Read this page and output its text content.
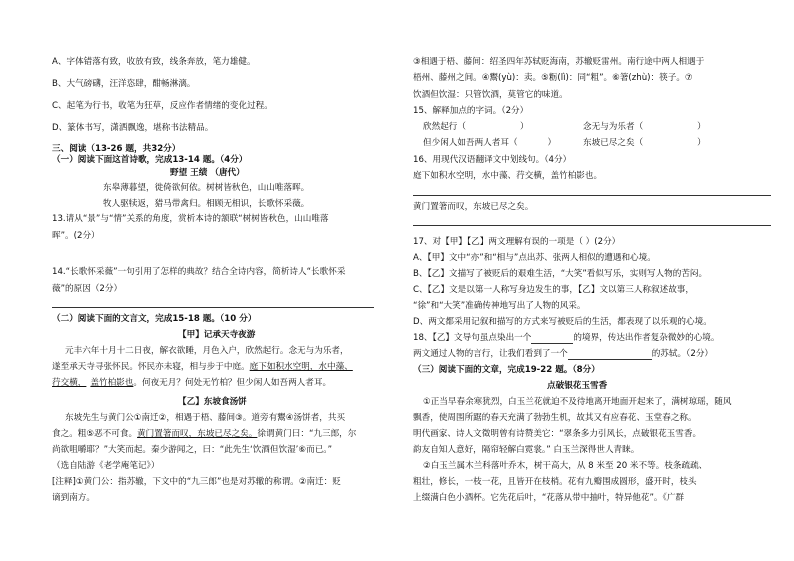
A、字体错落有致，收放有致，线条奔放，笔力雄健。
B、大气磅礴，汪洋恣肆，酣畅淋漓。
C、起笔为行书，收笔为狂草，反应作者情绪的变化过程。
D、篆体书写，潇洒飘逸，堪称书法精品。
三、阅读（13-26 题，共32分）
（一）阅读下面这首诗歌，完成13-14 题。（4分）
野望 王绩 （唐代）
东皋薄暮望，徙倚欲何依。树树皆秋色，山山唯落晖。
牧人驱犊返，猎马带禽归。相顾无相识，长歌怀采薇。
13.请从“景”与“情”关系的角度，赏析本诗的颔联“树树皆秋色，山山唯落
晖”。(2分）
14.“长歌怀采薇”一句引用了怎样的典故？结合全诗内容，简析诗人“长歌怀采
薇”的原因（2分）
（二）阅读下面的文言文，完成15-18 题。（10 分）
【甲】记承天寺夜游
元丰六年十月十二日夜，解衣欲睡，月色入户，欣然起行。念无与为乐者，
遂至承天寺寻张怀民。怀民亦未寝，相与步于中庭。庭下如积水空明，水中藻、
荇交横， 盖竹柏影也。何夜无月？何处无竹柏？但少闲人如吾两人者耳。
【乙】东坡食汤饼
东坡先生与黄门公①南迁②，相遇于梧、藤间③。道旁有鬻④汤饼者，共买
食之。粗⑤恶不可食。黄门置箸而叹，东坡已尽之矣。徐谓黄门曰：“九三郎，尔
尚欲咀嚼耶？”大笑而起。秦少游闻之，曰：“此先生‘饮酒但饮湿’⑥而已。”
（选自陆游《老学庵笔记》）
[注释]①黄门公：指苏辙，下文中的“九三郎”也是对苏辙的称谓。②南迁：贬
谪到南方。
③相遇于梧、藤间：绍圣四年苏轼贬海南，苏辙贬雷州。南行途中两人相遇于
梧州、藤州之间。④鬻(yù)：卖。⑤粝(lì)：同“粗”。⑥箸(zhù)：筷子。⑦
饮酒但饮湿：只管饮酒，莫管它的味道。
15、解释加点的字词。（2分）
欣然起行（	）	念无与为乐者（	）
但少闲人如吾两人者耳（	）	东坡已尽之矣（	）
16、用现代汉语翻译文中划线句。（4分）
庭下如积水空明，水中藻、荇交横，盖竹柏影也。
黄门置箸而叹，东坡已尽之矣。
17、对【甲】【乙】两文理解有误的一项是（ ）(2分）
A、【甲】文中“亦”和“相与”点出苏、张两人相似的遭遇和心境。
B、【乙】文描写了被贬后的艰难生活，“大笑”看似写乐，实则写人物的苦闷。
C、【乙】文是以第一人称写身边发生的事，【乙】文以第三人称叙述故事，
“徐”和“大笑”准确传神地写出了人物的风采。
D、两文都采用记叙和描写的方式来写被贬后的生活，都表现了以乐观的心境。
18、【乙】文导句虽点染出一个	的境界，传达出作者复杂微妙的心境。
两文通过人物的言行，让我们看到了一个	的苏轼。（2分）
（三）阅读下面的文章，完成19-22 题。（8分）
点破银花玉雪香
①正当早春余寒犹烈，白玉兰花就迫不及待地离开地面开起来了，满树琼瑶，随风
飘香，使周围所踞的春天充满了勃勃生机，故其又有应春花、玉堂春之称。
明代画家、诗人文徵明曾有诗赞美它：“翠条多力引风长，点破银花玉雪香。
韵友自知人意好，隔帘轻解白霓裳。” 白玉兰深得世人青睐。
②白玉兰属木兰科落叶乔木，树干高大，从 8 米至 20 米不等。枝条疏疏、
粗壮，修长，一枝一花，且皆开在枝梢。花有九瓣围成圆形，盛开时，枝头
上缀满白色小酒杯。它先花后叶，“花落从带中抽叶，特异他花”。《广群
